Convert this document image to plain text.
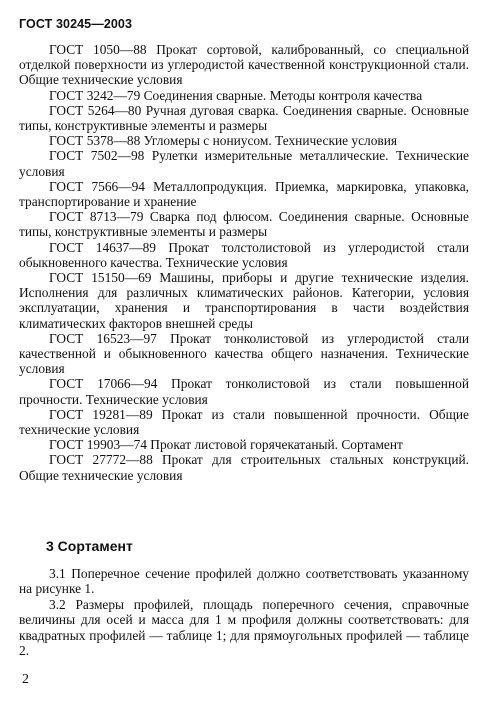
ГОСТ 30245—2003

ГОСТ 1050—88 Прокат сортовой, калиброванный, со специальной отделкой поверхности из углеродистой качественной конструкционной стали. Общие технические условия

ГОСТ 3242—79 Соединения сварные. Методы контроля качества

ГОСТ 5264—80 Ручная дуговая сварка. Соединения сварные. Основные типы, конструктивные элементы и размеры

ГОСТ 5378—88 Угломеры с нониусом. Технические условия

ГОСТ 7502—98 Рулетки измерительные металлические. Технические условия

ГОСТ 7566—94 Металлопродукция. Приемка, маркировка, упаковка, транспортирование и хранение

ГОСТ 8713—79 Сварка под флюсом. Соединения сварные. Основные типы, конструктивные элементы и размеры

ГОСТ 14637—89 Прокат толстолистовой из углеродистой стали обыкновенного качества. Технические условия

ГОСТ 15150—69 Машины, приборы и другие технические изделия. Исполнения для различных климатических районов. Категории, условия эксплуатации, хранения и транспортирования в части воздействия климатических факторов внешней среды

ГОСТ 16523—97 Прокат тонколистовой из углеродистой стали качественной и обыкновенного качества общего назначения. Технические условия

ГОСТ 17066—94 Прокат тонколистовой из стали повышенной прочности. Технические условия

ГОСТ 19281—89 Прокат из стали повышенной прочности. Общие технические условия

ГОСТ 19903—74 Прокат листовой горячекатаный. Сортамент

ГОСТ 27772—88 Прокат для строительных стальных конструкций. Общие технические условия

3 Сортамент

3.1 Поперечное сечение профилей должно соответствовать указанному на рисунке 1.

3.2 Размеры профилей, площадь поперечного сечения, справочные величины для осей и масса для 1 м профиля должны соответствовать: для квадратных профилей — таблице 1; для прямоугольных профилей — таблице 2.

2
